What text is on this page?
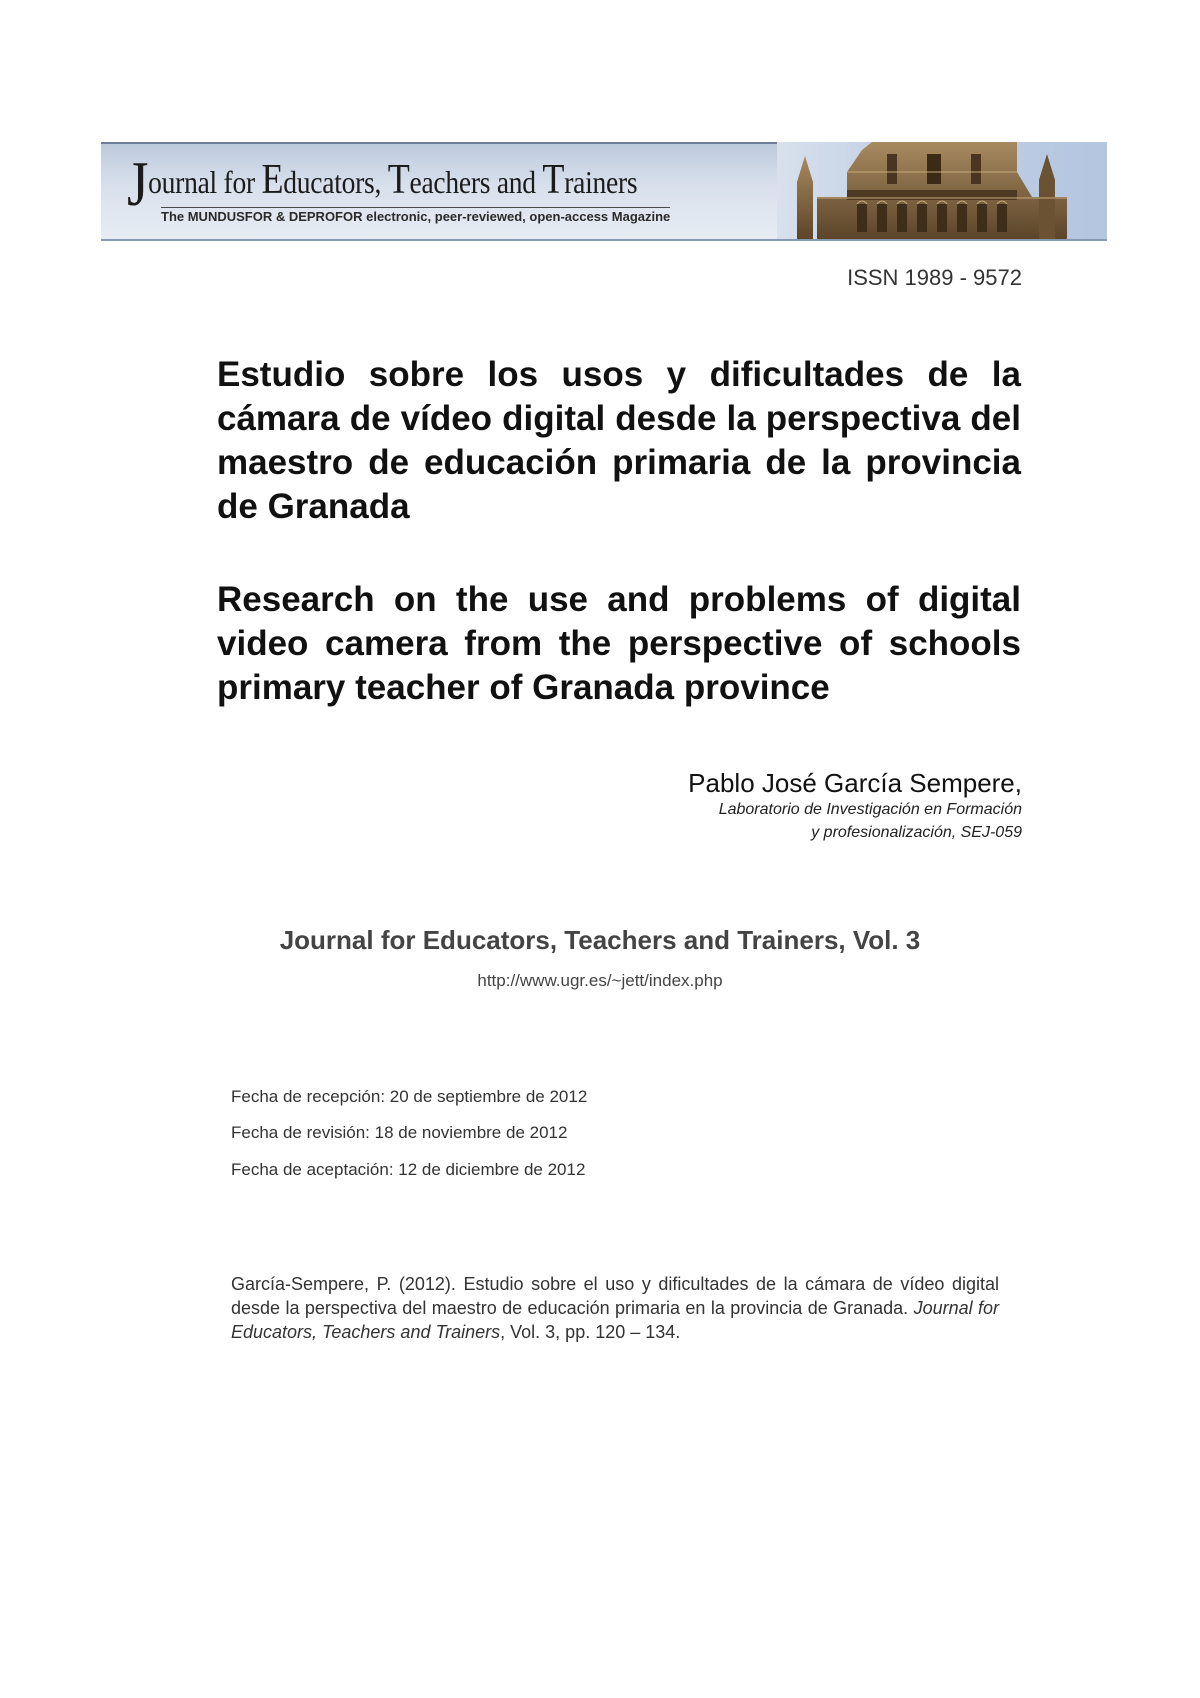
Journal for Educators, Teachers and Trainers
The MUNDUSFOR & DEPROFOR electronic, peer-reviewed, open-access Magazine
ISSN 1989 - 9572
Estudio sobre los usos y dificultades de la cámara de vídeo digital desde la perspectiva del maestro de educación primaria de la provincia de Granada
Research on the use and problems of digital video camera from the perspective of schools primary teacher of Granada province
Pablo José García Sempere,
Laboratorio de Investigación en Formación
y profesionalización, SEJ-059
Journal for Educators, Teachers and Trainers, Vol. 3
http://www.ugr.es/~jett/index.php
Fecha de recepción: 20 de septiembre de 2012
Fecha de revisión: 18 de noviembre de 2012
Fecha de aceptación: 12 de diciembre de 2012
García-Sempere, P. (2012). Estudio sobre el uso y dificultades de la cámara de vídeo digital desde la perspectiva del maestro de educación primaria en la provincia de Granada. Journal for Educators, Teachers and Trainers, Vol. 3, pp. 120 – 134.
